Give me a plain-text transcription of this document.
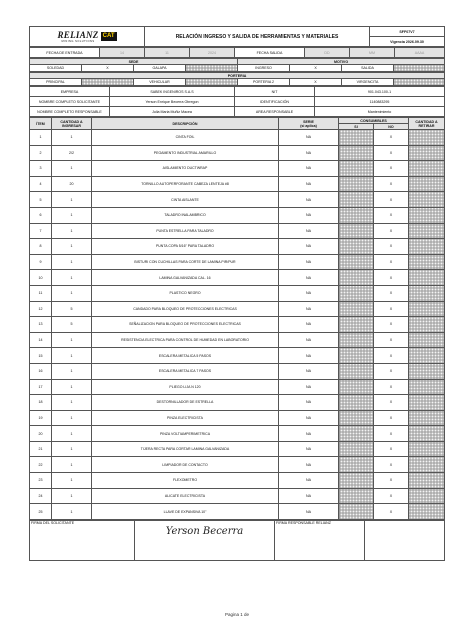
RELIANZ
MINING SOLUTIONS
CAT	RELACIÓN INGRESO Y SALIDA DE HERRAMIENTAS Y MATERIALES	SFF07V7
Vigencia 2026.09.30
FECHA DE ENTRADA	14	11	2024	FECHA SALIDA	DD	MM	AAAA
SEDE				MOTIVO			
SOLEDAD	X	GALAPA		INGRESO	X	SALIDA	
PORTERIA
PRINCIPAL		VEHICULAR		PORTERIA 2	X	VIRGENCITA	
EMPRESA	SABEK INGENIROS S.A.S	NIT	901.043.100-1
NOMBRE COMPLETO SOLICITANTE	Yerson Enrique Becerra Obregon	IDENTIFICACIÓN	1140883295
NOMBRE COMPLETO RESPONSABLE	Julia Maria Muñiz Macea	AREA RESPONSABLE	Mantenimiento
ÍTEM	CANTIDAD A INGRESAR	DESCRIPCIÓN	SERIE
(si aplica)	CONSUMIBLES		CANTIDAD A RETIRAR
				SI	NO	
1	1	CINTA FOIL	NA		X	
2	2/2	PEGAMENTO INDUSTRIAL AMARILLO	NA		X	
3	1	AISLAMIENTO DUCTWRAP	NA		X	
4	20	TORNILLO AUTOPERFORANTE CABEZA LENTEJA #8	NA		X	
5	1	CINTA AISLANTE	NA		X	
6	1	TALADRO INALAMBRICO	NA		X	
7	1	PUNTA ESTRELLA PARA TALADRO	NA		X	
8	1	PUNTA COPA 5/16" PARA TALADRO	NA		X	
9	1	BISTURI CON CUCHILLAS PARA CORTE DE LAMINA PIR/PUR	NA		X	
10	1	LAMINA GALVANIZADA CAL. 16	NA		X	
11	1	PLASTICO NEGRO	NA		X	
12	5	CANDADO PARA BLOQUEO DE PROTECCIONES ELECTRICAS	NA		X	
13	5	SEÑALIZACION PARA BLOQUEO DE PROTECCIONES ELECTRICAS	NA		X	
14	1	RESISTENCIA ELECTRICA PARA CONTROL DE HUMEDAD EN LABORATORIO	NA		X	
15	1	ESCALERA METALICA 5 PASOS	NA		X	
16	1	ESCALERA METALICA 7 PASOS	NA		X	
17	1	PLIEGO LIJA N 120	NA		X	
18	1	DESTORNILLADOR DE ESTRELLA	NA		X	
19	1	PINZA ELECTRICISTA	NA		X	
20	1	PINZA VOLTIAMPERIMETRICA	NA		X	
21	1	TIJERA RECTA PARA CORTAR LAMINA GALVANIZADA	NA		X	
22	1	LIMPIADOR DE CONTACTO	NA		X	
23	1	FLEXOMETRO	NA		X	
24	1	ALICATE ELECTRICISTA	NA		X	
25	1	LLAVE DE EXPANSIVA 10"	NA		X	
FIRMA DEL SOLICITANTE	
Yerson Becerra
	FIRMA RESPONSABLE RELIANZ	
Pagina 1 de
